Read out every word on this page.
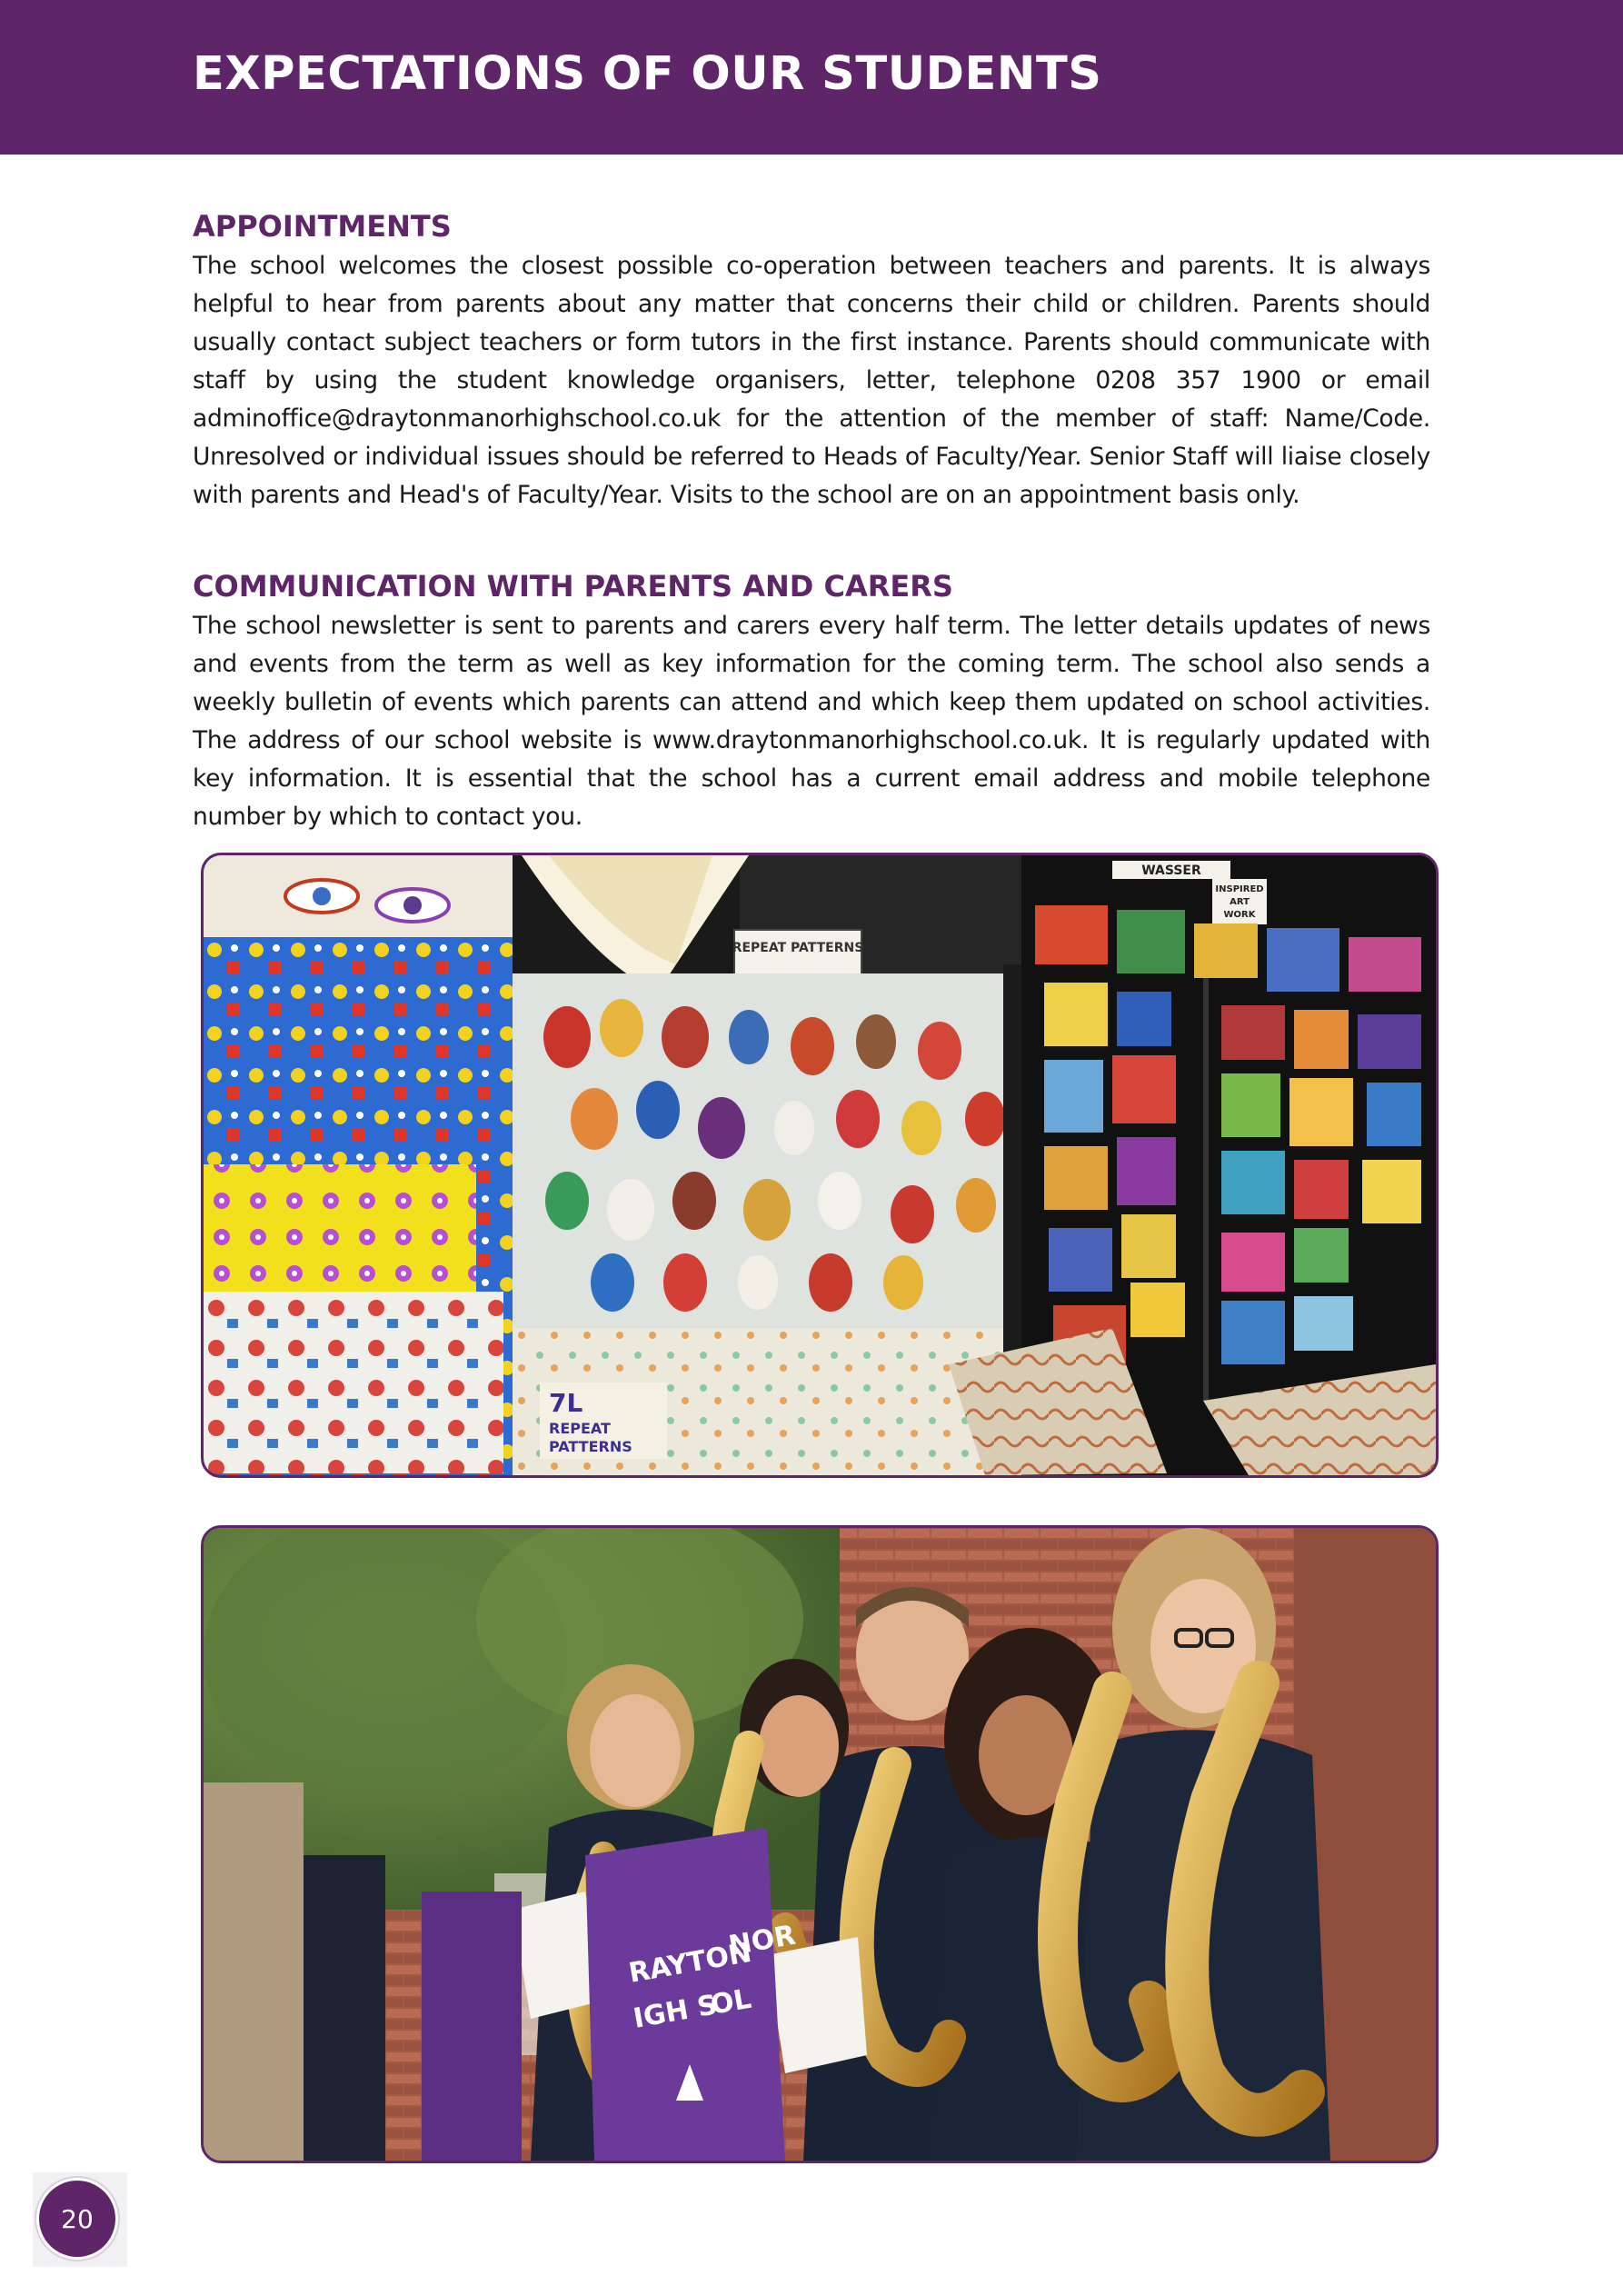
EXPECTATIONS OF OUR STUDENTS
APPOINTMENTS

The school welcomes the closest possible co-operation between teachers and parents. It is always helpful to hear from parents about any matter that concerns their child or children. Parents should usually contact subject teachers or form tutors in the first instance. Parents should communicate with staff by using the student knowledge organisers, letter, telephone 0208 357 1900 or email adminoffice@draytonmanorhighschool.co.uk for the attention of the member of staff: Name/Code. Unresolved or individual issues should be referred to Heads of Faculty/Year. Senior Staff will liaise closely with parents and Head's of Faculty/Year. Visits to the school are on an appointment basis only.

COMMUNICATION WITH PARENTS AND CARERS

The school newsletter is sent to parents and carers every half term. The letter details updates of news and events from the term as well as key information for the coming term. The school also sends a weekly bulletin of events which parents can attend and which keep them updated on school activities. The address of our school website is www.draytonmanorhighschool.co.uk. It is regularly updated with key information. It is essential that the school has a current email address and mobile telephone number by which to contact you.

REPEAT PATTERNS
7L
REPEAT
PATTERNS
WASSER
INSPIRED
ART
WORK
RAYTON
NOR
IGH S
OL
20
